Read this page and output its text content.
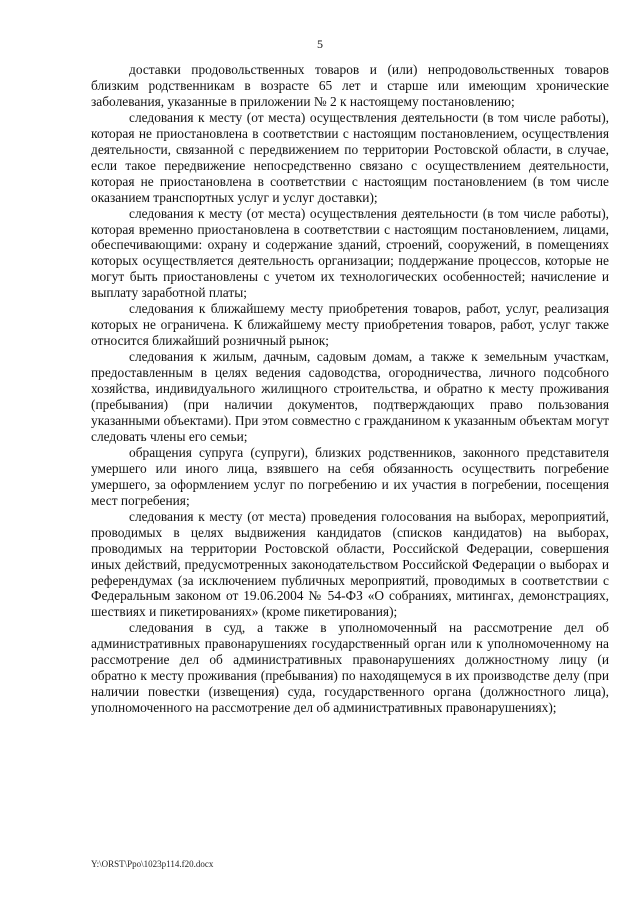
5

доставки продовольственных товаров и (или) непродовольственных товаров близким родственникам в возрасте 65 лет и старше или имеющим хронические заболевания, указанные в приложении № 2 к настоящему постановлению;

следования к месту (от места) осуществления деятельности (в том числе работы), которая не приостановлена в соответствии с настоящим постановлением, осуществления деятельности, связанной с передвижением по территории Ростовской области, в случае, если такое передвижение непосредственно связано с осуществлением деятельности, которая не приостановлена в соответствии с настоящим постановлением (в том числе оказанием транспортных услуг и услуг доставки);

следования к месту (от места) осуществления деятельности (в том числе работы), которая временно приостановлена в соответствии с настоящим постановлением, лицами, обеспечивающими: охрану и содержание зданий, строений, сооружений, в помещениях которых осуществляется деятельность организации; поддержание процессов, которые не могут быть приостановлены с учетом их технологических особенностей; начисление и выплату заработной платы;

следования к ближайшему месту приобретения товаров, работ, услуг, реализация которых не ограничена. К ближайшему месту приобретения товаров, работ, услуг также относится ближайший розничный рынок;

следования к жилым, дачным, садовым домам, а также к земельным участкам, предоставленным в целях ведения садоводства, огородничества, личного подсобного хозяйства, индивидуального жилищного строительства, и обратно к месту проживания (пребывания) (при наличии документов, подтверждающих право пользования указанными объектами). При этом совместно с гражданином к указанным объектам могут следовать члены его семьи;

обращения супруга (супруги), близких родственников, законного представителя умершего или иного лица, взявшего на себя обязанность осуществить погребение умершего, за оформлением услуг по погребению и их участия в погребении, посещения мест погребения;

следования к месту (от места) проведения голосования на выборах, мероприятий, проводимых в целях выдвижения кандидатов (списков кандидатов) на выборах, проводимых на территории Ростовской области, Российской Федерации, совершения иных действий, предусмотренных законодательством Российской Федерации о выборах и референдумах (за исключением публичных мероприятий, проводимых в соответствии с Федеральным законом от 19.06.2004 № 54-ФЗ «О собраниях, митингах, демонстрациях, шествиях и пикетированиях» (кроме пикетирования);

следования в суд, а также в уполномоченный на рассмотрение дел об административных правонарушениях государственный орган или к уполномоченному на рассмотрение дел об административных правонарушениях должностному лицу (и обратно к месту проживания (пребывания) по находящемуся в их производстве делу (при наличии повестки (извещения) суда, государственного органа (должностного лица), уполномоченного на рассмотрение дел об административных правонарушениях);

Y:\ORST\Ppo\1023p114.f20.docx
